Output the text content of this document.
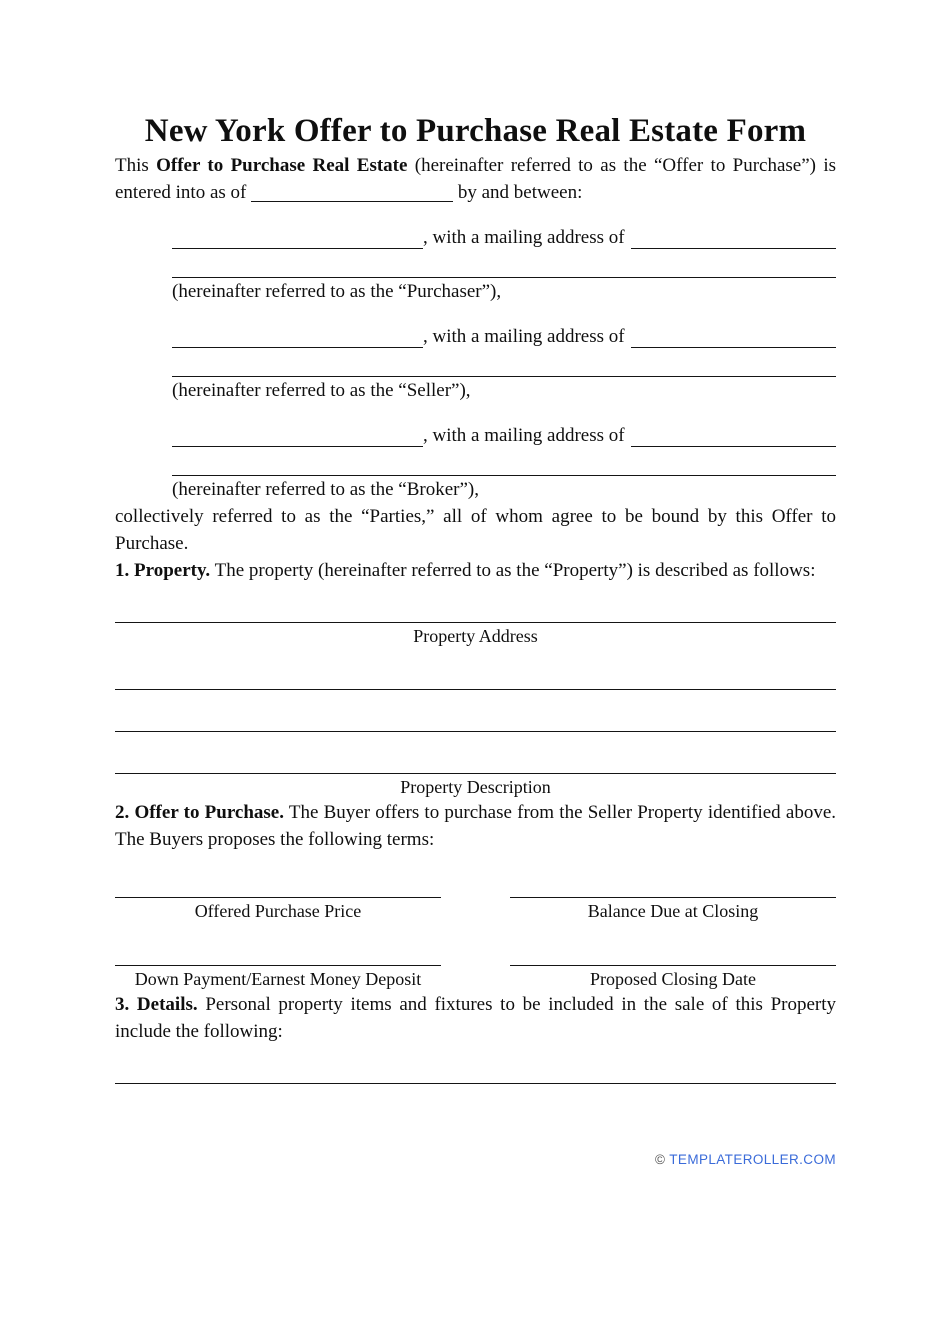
New York Offer to Purchase Real Estate Form

This Offer to Purchase Real Estate (hereinafter referred to as the “Offer to Purchase”) is entered into as of	by and between:

, with a mailing address of
(hereinafter referred to as the “Purchaser”),
, with a mailing address of
(hereinafter referred to as the “Seller”),
, with a mailing address of
(hereinafter referred to as the “Broker”),

collectively referred to as the “Parties,” all of whom agree to be bound by this Offer to Purchase.

1. Property. The property (hereinafter referred to as the “Property”) is described as follows:

Property Address
Property Description

2. Offer to Purchase. The Buyer offers to purchase from the Seller Property identified above. The Buyers proposes the following terms:

Offered Purchase Price	Balance Due at Closing
Down Payment/Earnest Money Deposit	Proposed Closing Date

3. Details. Personal property items and fixtures to be included in the sale of this Property include the following:

© TEMPLATEROLLER.COM
